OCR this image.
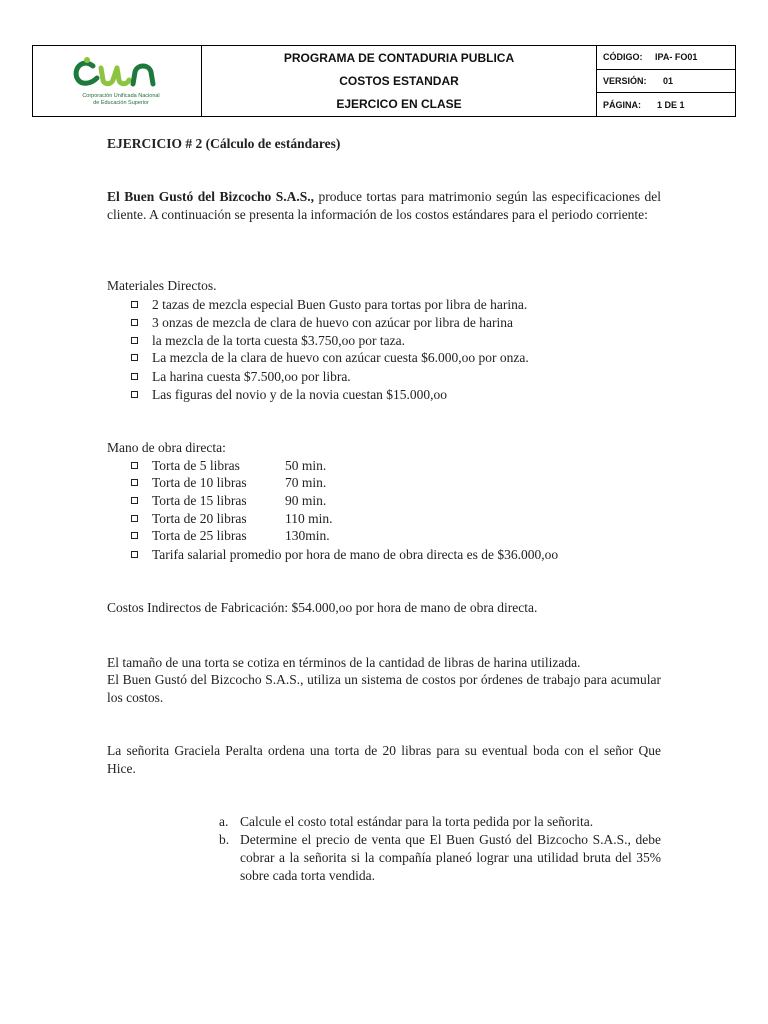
Corporación Unificada Nacional
de Educación Superior
PROGRAMA DE CONTADURIA PUBLICA
COSTOS ESTANDAR
EJERCICO EN CLASE
CÓDIGO:	IPA- FO01
VERSIÓN:	01
PÁGINA:	1 DE 1
EJERCICIO # 2 (Cálculo de estándares)
El Buen Gustó del Bizcocho S.A.S., produce tortas para matrimonio según las especificaciones del cliente. A continuación se presenta la información de los costos estándares para el periodo corriente:
Materiales Directos.
2 tazas de mezcla especial Buen Gusto para tortas por libra de harina.
3 onzas de mezcla de clara de huevo con azúcar por libra de harina
la mezcla de la torta cuesta $3.750,oo por taza.
La mezcla de la clara de huevo con azúcar cuesta $6.000,oo por onza.
La harina cuesta $7.500,oo por libra.
Las figuras del novio y de la novia cuestan $15.000,oo
Mano de obra directa:
Torta de 5 libras	50 min.
Torta de 10 libras	70 min.
Torta de 15 libras	90 min.
Torta de 20 libras	110 min.
Torta de 25 libras	130min.
Tarifa salarial promedio por hora de mano de obra directa es de $36.000,oo
Costos Indirectos de Fabricación: $54.000,oo por hora de mano de obra directa.
El tamaño de una torta se cotiza en términos de la cantidad de libras de harina utilizada.
El Buen Gustó del Bizcocho S.A.S., utiliza un sistema de costos por órdenes de trabajo para acumular los costos.
La señorita Graciela Peralta ordena una torta de 20 libras para su eventual boda con el señor Que Hice.
a. Calcule el costo total estándar para la torta pedida por la señorita.
b. Determine el precio de venta que El Buen Gustó del Bizcocho S.A.S., debe cobrar a la señorita si la compañía planeó lograr una utilidad bruta del 35% sobre cada torta vendida.
